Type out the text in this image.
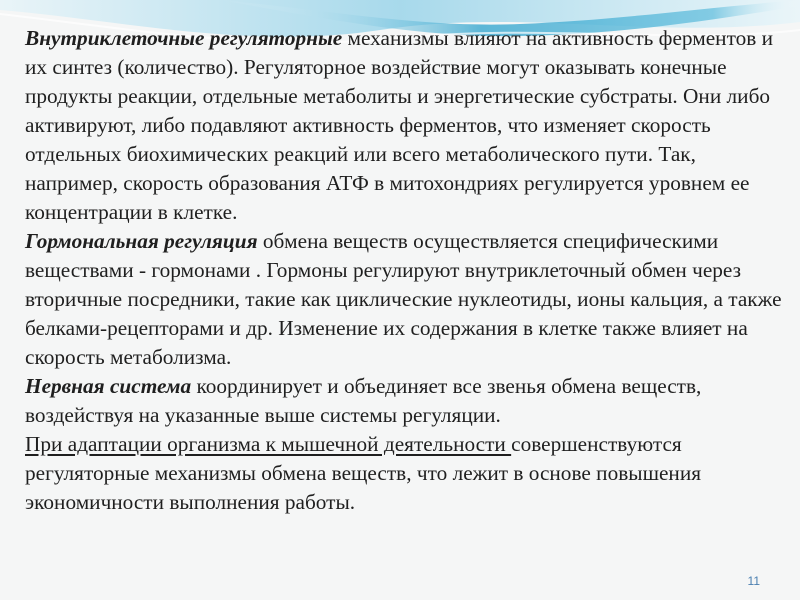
Внутриклеточные регуляторные механизмы влияют на активность ферментов и их синтез (количество). Регуляторное воздействие могут оказывать конечные продукты реакции, отдельные метаболиты и энергетические субстраты. Они либо активируют, либо подавляют активность ферментов, что изменяет скорость отдельных биохимических реакций или всего метаболического пути. Так, например, скорость образования АТФ в митохондриях регулируется уровнем ее концентрации в клетке.

Гормональная регуляция обмена веществ осуществляется специфическими веществами - гормонами . Гормоны регулируют внутриклеточный обмен через вторичные посредники, такие как циклические нуклеотиды, ионы кальция, а также белками-рецепторами и др. Изменение их содержания в клетке также влияет на скорость метаболизма.

Нервная система координирует и объединяет все звенья обмена веществ, воздействуя на указанные выше системы регуляции.

При адаптации организма к мышечной деятельности совершенствуются регуляторные механизмы обмена веществ, что лежит в основе повышения экономичности выполнения работы.

11
